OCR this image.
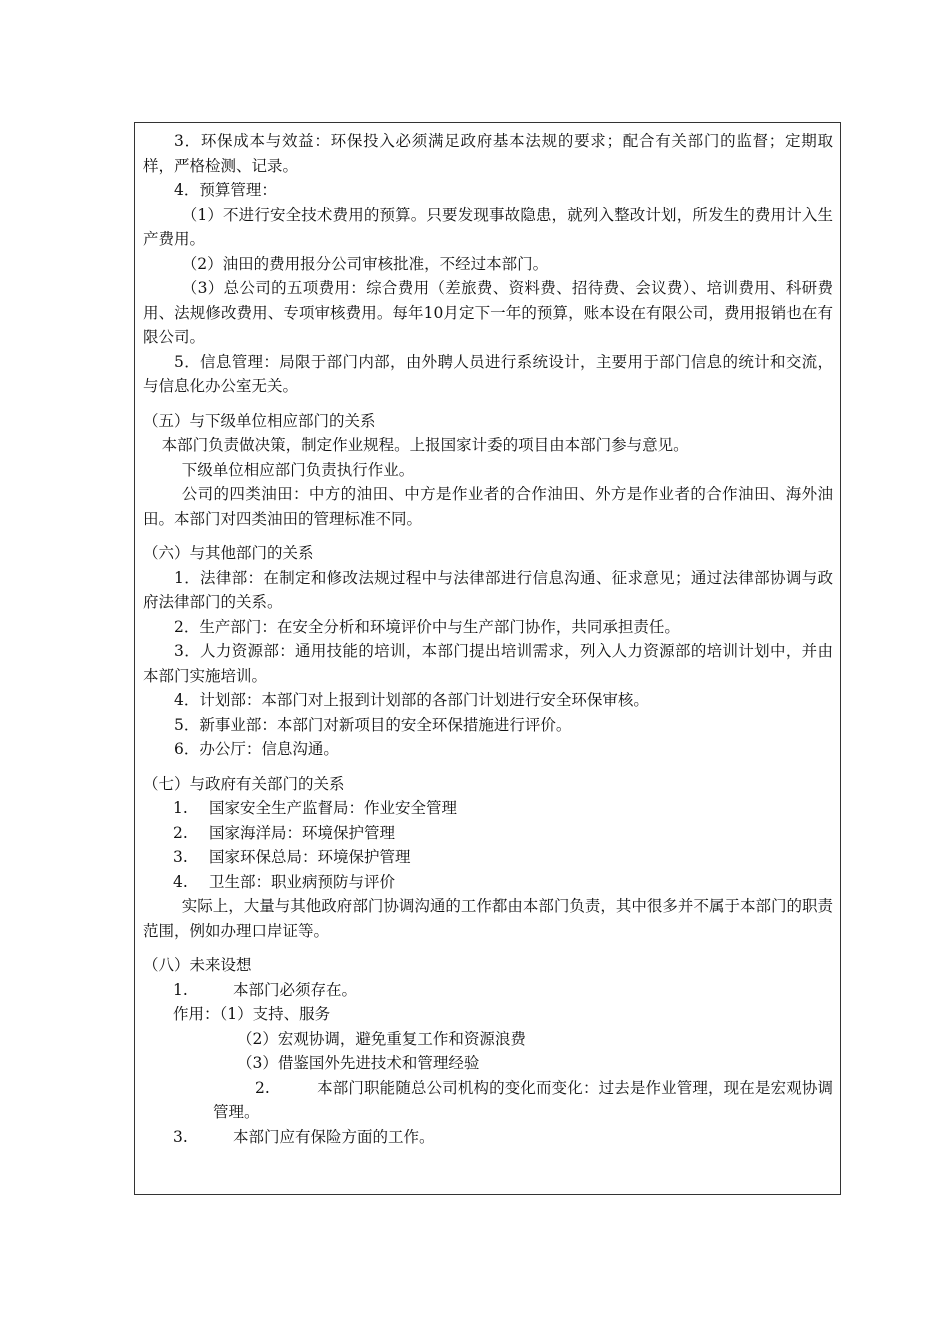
3．环保成本与效益：环保投入必须满足政府基本法规的要求；配合有关部门的监督；定期取样，严格检测、记录。

4．预算管理：

（1）不进行安全技术费用的预算。只要发现事故隐患，就列入整改计划，所发生的费用计入生产费用。

（2）油田的费用报分公司审核批准，不经过本部门。

（3）总公司的五项费用：综合费用（差旅费、资料费、招待费、会议费）、培训费用、科研费用、法规修改费用、专项审核费用。每年10月定下一年的预算，账本设在有限公司，费用报销也在有限公司。

5．信息管理：局限于部门内部，由外聘人员进行系统设计，主要用于部门信息的统计和交流，与信息化办公室无关。

（五）与下级单位相应部门的关系

本部门负责做决策，制定作业规程。上报国家计委的项目由本部门参与意见。

下级单位相应部门负责执行作业。

公司的四类油田：中方的油田、中方是作业者的合作油田、外方是作业者的合作油田、海外油田。本部门对四类油田的管理标准不同。

（六）与其他部门的关系

1．法律部：在制定和修改法规过程中与法律部进行信息沟通、征求意见；通过法律部协调与政府法律部门的关系。

2．生产部门：在安全分析和环境评价中与生产部门协作，共同承担责任。

3．人力资源部：通用技能的培训，本部门提出培训需求，列入人力资源部的培训计划中，并由本部门实施培训。

4．计划部：本部门对上报到计划部的各部门计划进行安全环保审核。

5．新事业部：本部门对新项目的安全环保措施进行评价。

6．办公厅：信息沟通。

（七）与政府有关部门的关系

1. 国家安全生产监督局：作业安全管理

2. 国家海洋局：环境保护管理

3. 国家环保总局：环境保护管理

4. 卫生部：职业病预防与评价

实际上，大量与其他政府部门协调沟通的工作都由本部门负责，其中很多并不属于本部门的职责范围，例如办理口岸证等。

（八）未来设想

1.	本部门必须存在。

作用：（1）支持、服务

（2）宏观协调，避免重复工作和资源浪费

（3）借鉴国外先进技术和管理经验

2.	本部门职能随总公司机构的变化而变化：过去是作业管理，现在是宏观协调管理。

3.	本部门应有保险方面的工作。
